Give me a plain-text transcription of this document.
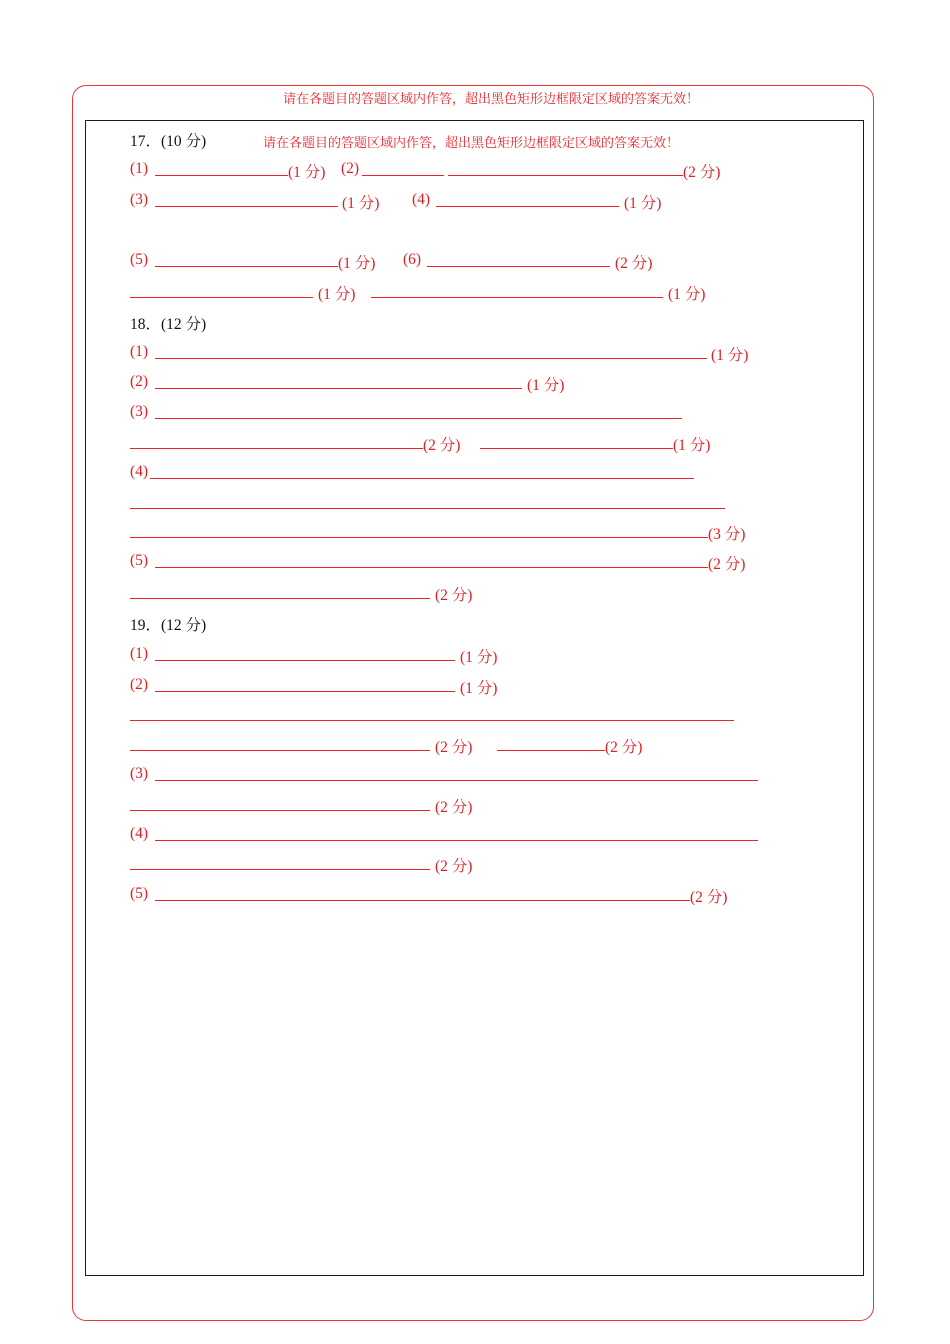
请在各题目的答题区域内作答，超出黑色矩形边框限定区域的答案无效！
17．(10 分)	请在各题目的答题区域内作答，超出黑色矩形边框限定区域的答案无效！
(1)	(1 分) (2)	(2 分)
(3)	(1 分) (4)	(1 分)
(5)	(1 分) (6)	(2 分)
(1 分)	(1 分)
18．(12 分)
(1)	(1 分)
(2)	(1 分)
(3)
(2 分)	(1 分)
(4)
(3 分)
(5)	(2 分)
(2 分)
19．(12 分)
(1)	(1 分)
(2)	(1 分)
(2 分)	(2 分)
(3)
(2 分)
(4)
(2 分)
(5)	(2 分)
